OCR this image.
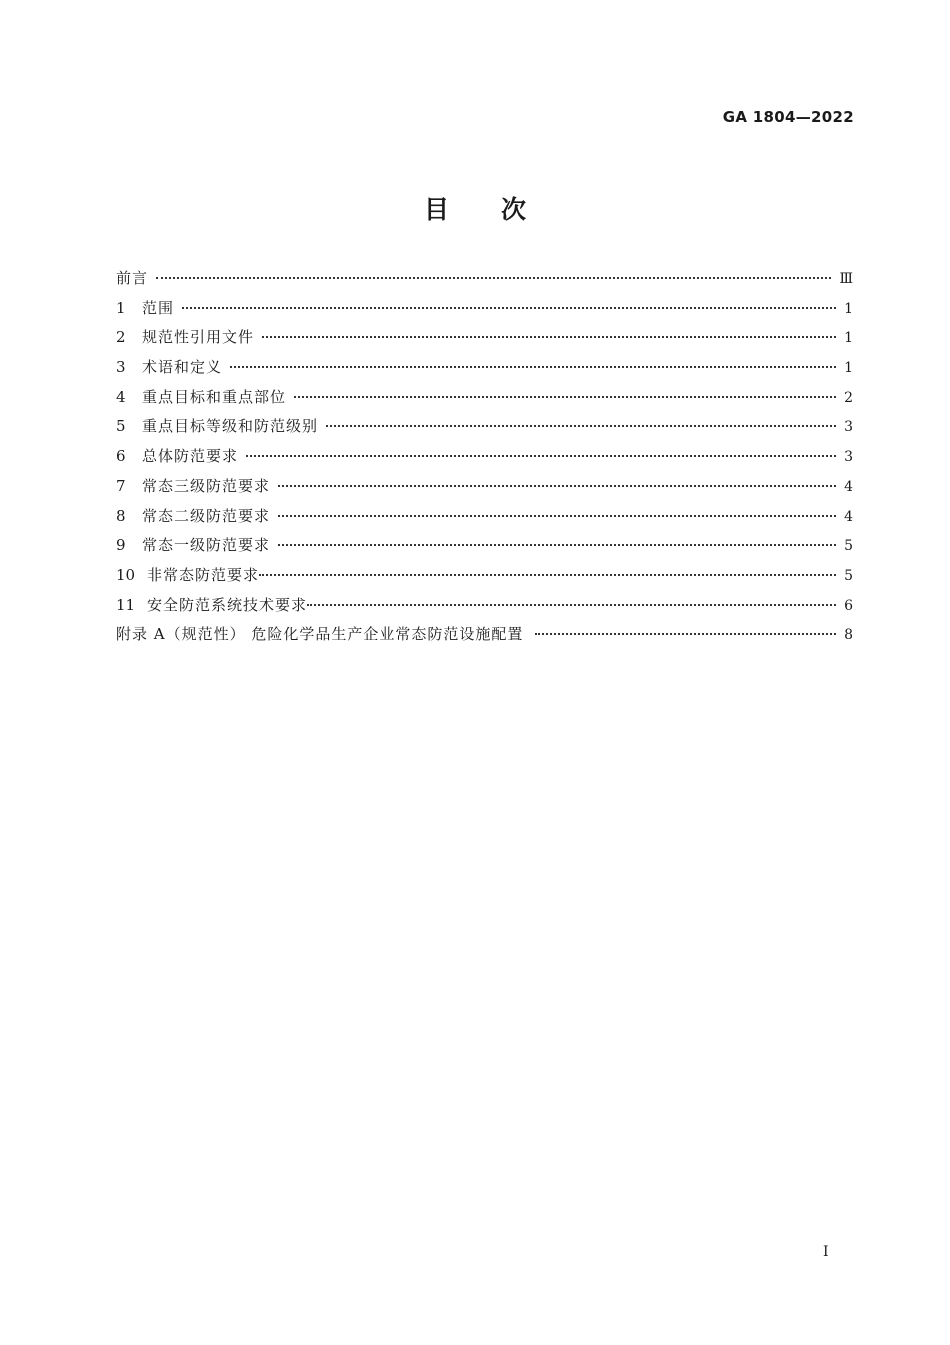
GA 1804—2022
目次
前言	Ⅲ
1	范围	1
2	规范性引用文件	1
3	术语和定义	1
4	重点目标和重点部位	2
5	重点目标等级和防范级别	3
6	总体防范要求	3
7	常态三级防范要求	4
8	常态二级防范要求	4
9	常态一级防范要求	5
10 非常态防范要求	5
11 安全防范系统技术要求	6
附录 A（规范性） 危险化学品生产企业常态防范设施配置	8
I
